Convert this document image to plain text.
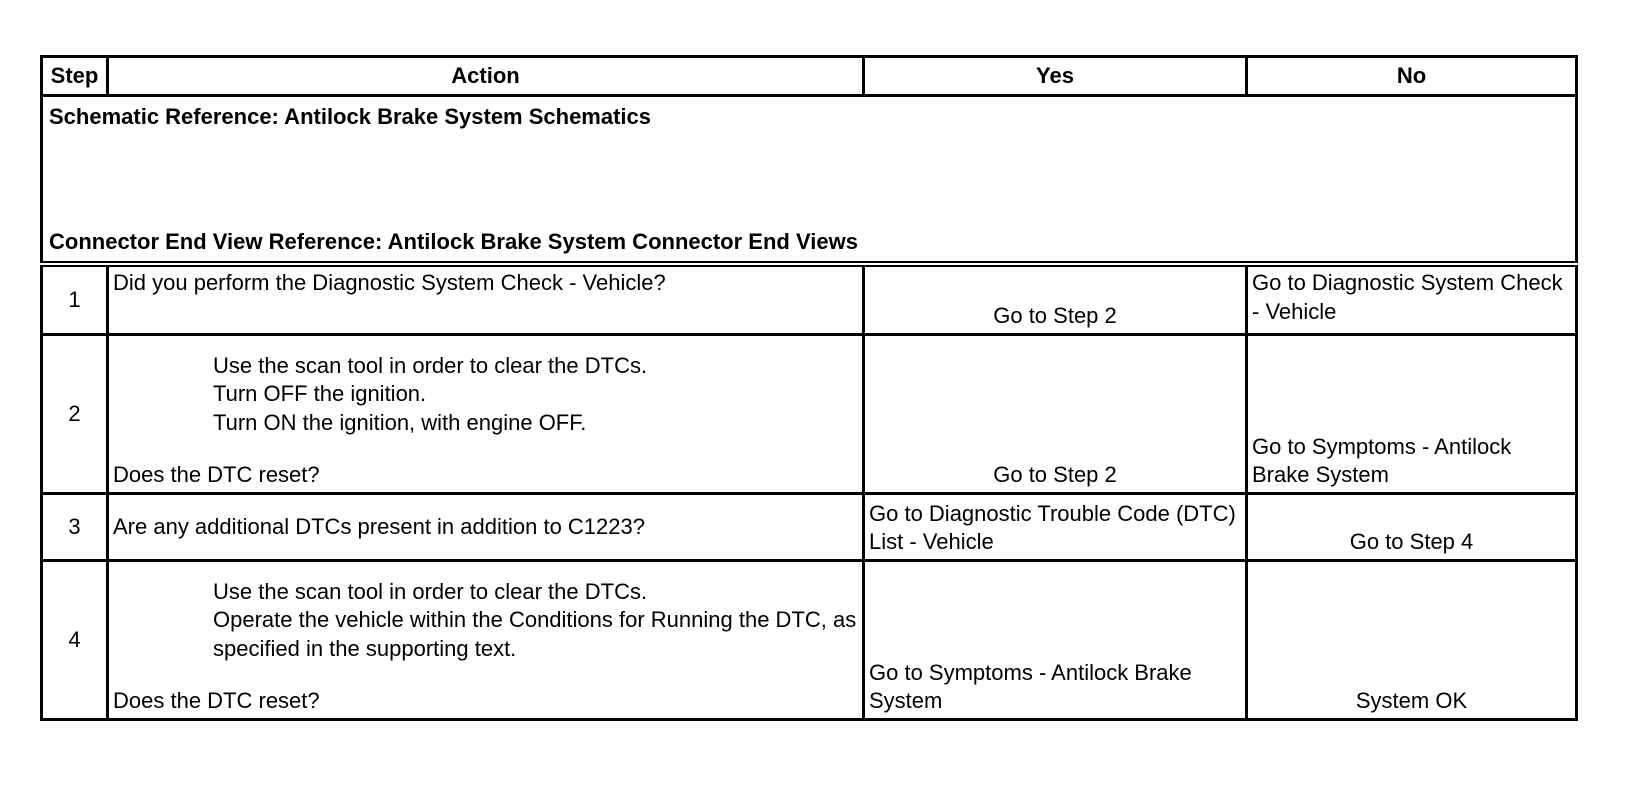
Step	Action	Yes	No

Schematic Reference: Antilock Brake System Schematics
Connector End View Reference: Antilock Brake System Connector End Views			

1	Did you perform the Diagnostic System Check - Vehicle?	Go to Step 2	Go to Diagnostic System Check - Vehicle
2	Use the scan tool in order to clear the DTCs.
Turn OFF the ignition.
Turn ON the ignition, with engine OFF.
Does the DTC reset?	Go to Step 2	Go to Symptoms - Antilock Brake System
3	Are any additional DTCs present in addition to C1223?	Go to Diagnostic Trouble Code (DTC) List - Vehicle	Go to Step 4
4	Use the scan tool in order to clear the DTCs.
Operate the vehicle within the Conditions for Running the DTC, as specified in the supporting text.
Does the DTC reset?	Go to Symptoms - Antilock Brake System	System OK
